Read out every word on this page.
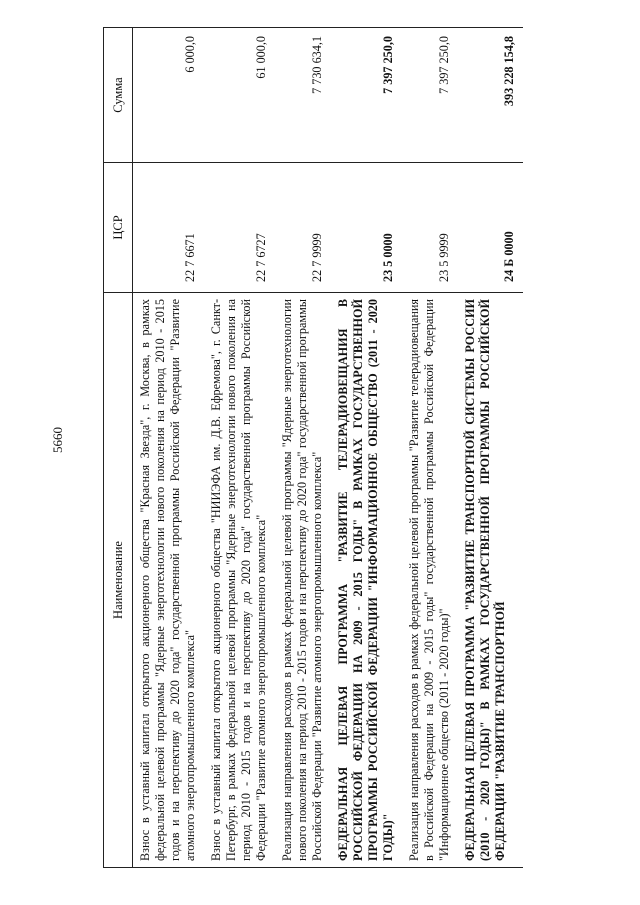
5660
Наименование	ЦСР	Сумма
Взнос в уставный капитал открытого акционерного общества "Красная Звезда", г. Москва, в рамках федеральной целевой программы "Ядерные энерготехнологии нового поколения на период 2010 - 2015 годов и на перспективу до 2020 года" государственной программы Российской Федерации "Развитие атомного энергопромышленного комплекса"	22 7 6671	6 000,0
Взнос в уставный капитал открытого акционерного общества "НИИЭФА им. Д.В. Ефремова", г. Санкт-Петербург, в рамках федеральной целевой программы "Ядерные энерготехнологии нового поколения на период 2010 - 2015 годов и на перспективу до 2020 года" государственной программы Российской Федерации "Развитие атомного энергопромышленного комплекса"	22 7 6727	61 000,0
Реализация направления расходов в рамках федеральной целевой программы "Ядерные энерготехнологии нового поколения на период 2010 - 2015 годов и на перспективу до 2020 года" государственной программы Российской Федерации "Развитие атомного энергопромышленного комплекса"	22 7 9999	7 730 634,1
ФЕДЕРАЛЬНАЯ ЦЕЛЕВАЯ ПРОГРАММА "РАЗВИТИЕ ТЕЛЕРАДИОВЕЩАНИЯ В РОССИЙСКОЙ ФЕДЕРАЦИИ НА 2009 - 2015 ГОДЫ" В РАМКАХ ГОСУДАРСТВЕННОЙ ПРОГРАММЫ РОССИЙСКОЙ ФЕДЕРАЦИИ "ИНФОРМАЦИОННОЕ ОБЩЕСТВО (2011 - 2020 ГОДЫ)"	23 5 0000	7 397 250,0
Реализация направления расходов в рамках федеральной целевой программы "Развитие телерадиовещания в Российской Федерации на 2009 - 2015 годы" государственной программы Российской Федерации "Информационное общество (2011 - 2020 годы)"	23 5 9999	7 397 250,0
ФЕДЕРАЛЬНАЯ ЦЕЛЕВАЯ ПРОГРАММА "РАЗВИТИЕ ТРАНСПОРТНОЙ СИСТЕМЫ РОССИИ (2010 - 2020 ГОДЫ)" В РАМКАХ ГОСУДАРСТВЕННОЙ ПРОГРАММЫ РОССИЙСКОЙ ФЕДЕРАЦИИ "РАЗВИТИЕ ТРАНСПОРТНОЙ	24 Б 0000	393 228 154,8
